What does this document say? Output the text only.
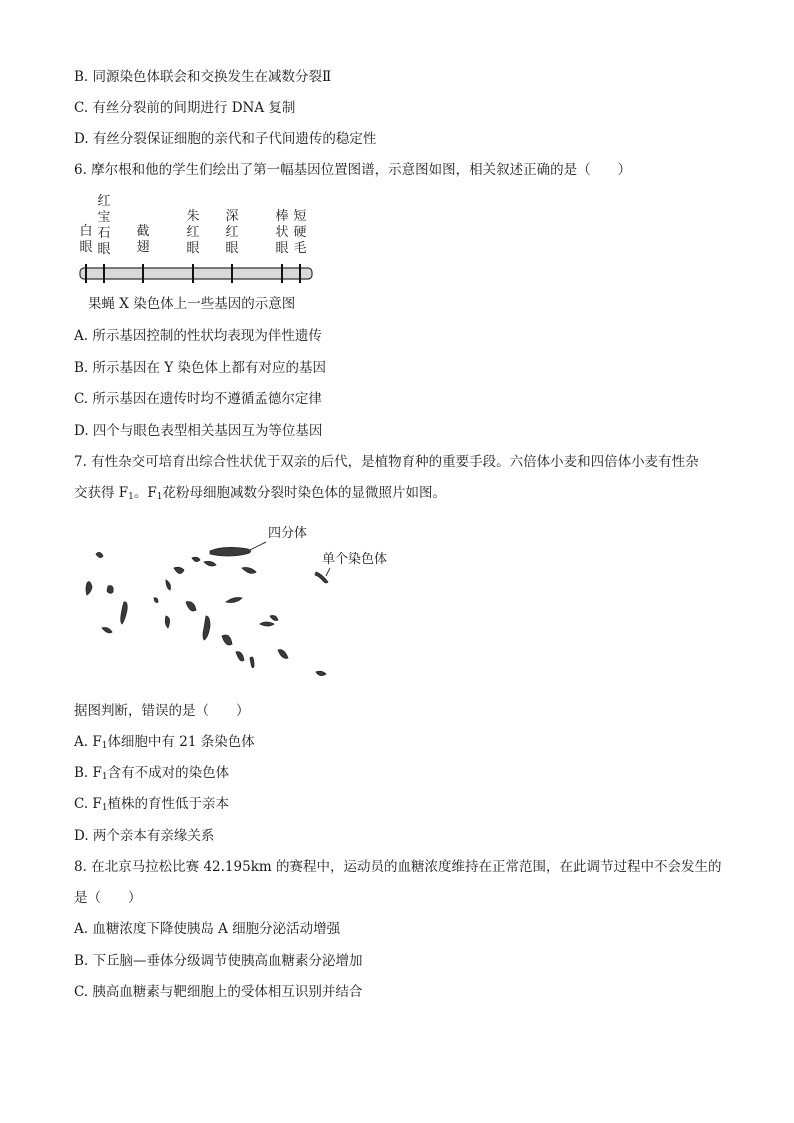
B. 同源染色体联会和交换发生在减数分裂Ⅱ
C. 有丝分裂前的间期进行 DNA 复制
D. 有丝分裂保证细胞的亲代和子代间遗传的稳定性
6. 摩尔根和他的学生们绘出了第一幅基因位置图谱，示意图如图，相关叙述正确的是（　　）
白眼
红宝石眼
截翅
朱红眼
深红眼
棒状眼
短硬毛
果蝇 X 染色体上一些基因的示意图
A. 所示基因控制的性状均表现为伴性遗传
B. 所示基因在 Y 染色体上都有对应的基因
C. 所示基因在遗传时均不遵循孟德尔定律
D. 四个与眼色表型相关基因互为等位基因
7. 有性杂交可培育出综合性状优于双亲的后代，是植物育种的重要手段。六倍体小麦和四倍体小麦有性杂
交获得 $F_1$。$F_1$花粉母细胞减数分裂时染色体的显微照片如图。
四分体
单个染色体
据图判断，错误的是（　　）
A. $F_1$体细胞中有 21 条染色体
B. $F_1$含有不成对的染色体
C. $F_1$植株的育性低于亲本
D. 两个亲本有亲缘关系
8. 在北京马拉松比赛 42.195km 的赛程中，运动员的血糖浓度维持在正常范围，在此调节过程中不会发生的
是（　　）
A. 血糖浓度下降使胰岛 A 细胞分泌活动增强
B. 下丘脑—垂体分级调节使胰高血糖素分泌增加
C. 胰高血糖素与靶细胞上的受体相互识别并结合
